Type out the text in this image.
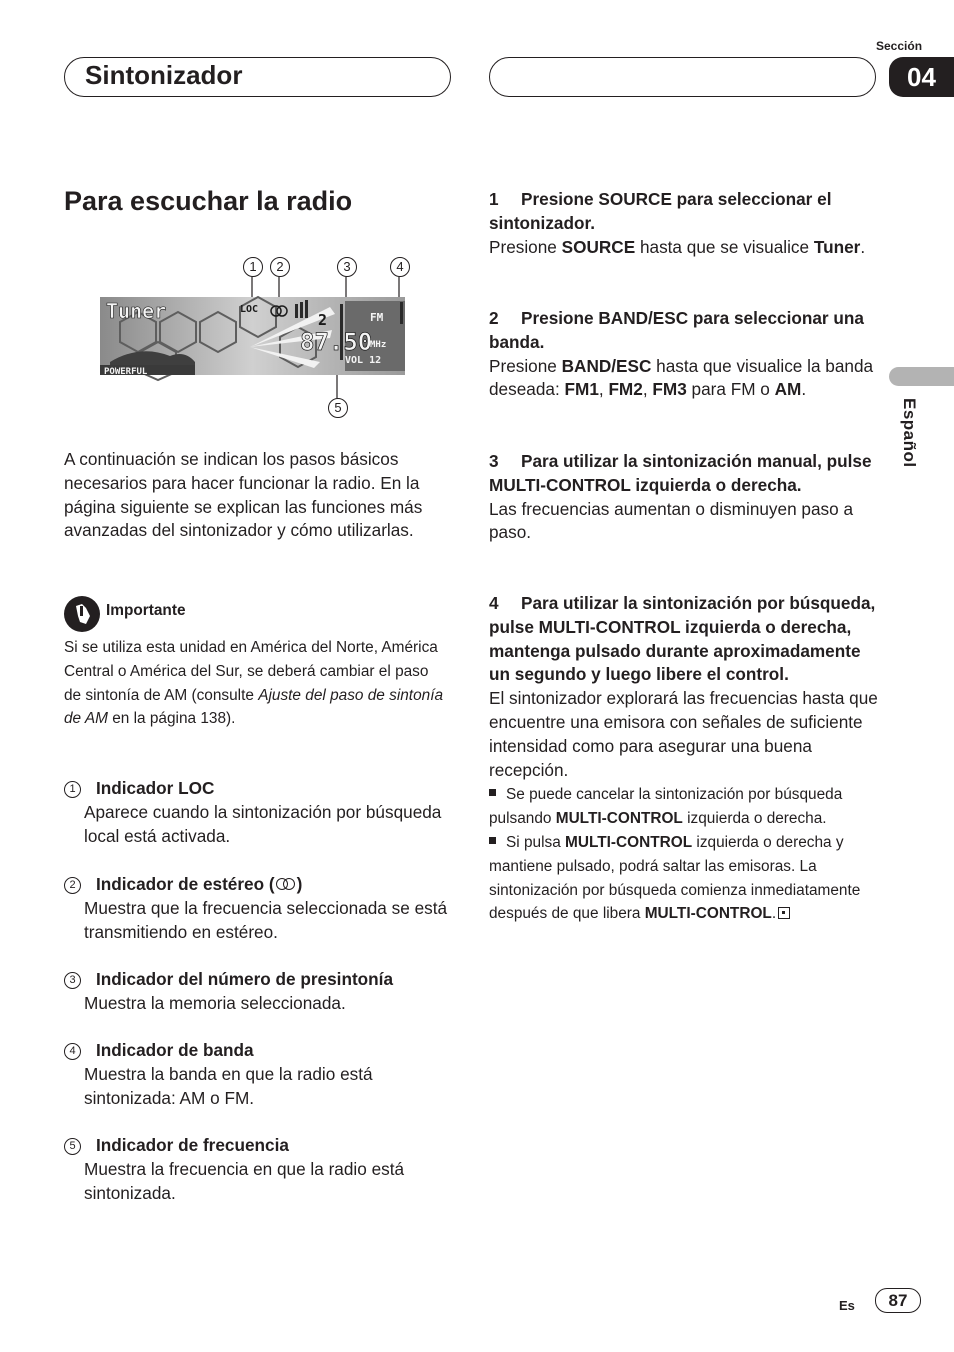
Sintonizador
Sección
04
Español
Para escuchar la radio
1	2	3	4
5
Tuner	LOC
2	FM
87.50
MHz
VOL 12
POWERFUL
A continuación se indican los pasos básicos necesarios para hacer funcionar la radio. En la página siguiente se explican las funciones más avanzadas del sintonizador y cómo utilizarlas.
Importante
Si se utiliza esta unidad en América del Norte, América Central o América del Sur, se deberá cambiar el paso de sintonía de AM (consulte Ajuste del paso de sintonía de AM en la página 138).
1 Indicador LOC
Aparece cuando la sintonización por búsqueda local está activada.
2 Indicador de estéreo ( )
Muestra que la frecuencia seleccionada se está transmitiendo en estéreo.
3 Indicador del número de presintonía
Muestra la memoria seleccionada.
4 Indicador de banda
Muestra la banda en que la radio está sintonizada: AM o FM.
5 Indicador de frecuencia
Muestra la frecuencia en que la radio está sintonizada.
1 Presione SOURCE para seleccionar el sintonizador.
Presione SOURCE hasta que se visualice Tuner.
2 Presione BAND/ESC para seleccionar una banda.
Presione BAND/ESC hasta que visualice la banda deseada: FM1, FM2, FM3 para FM o AM.
3 Para utilizar la sintonización manual, pulse MULTI-CONTROL izquierda o derecha.
Las frecuencias aumentan o disminuyen paso a paso.
4 Para utilizar la sintonización por búsqueda, pulse MULTI-CONTROL izquierda o derecha, mantenga pulsado durante aproximadamente un segundo y luego libere el control.
El sintonizador explorará las frecuencias hasta que encuentre una emisora con señales de suficiente intensidad como para asegurar una buena recepción.
Se puede cancelar la sintonización por búsqueda pulsando MULTI-CONTROL izquierda o derecha.
Si pulsa MULTI-CONTROL izquierda o derecha y mantiene pulsado, podrá saltar las emisoras. La sintonización por búsqueda comienza inmediatamente después de que libera MULTI-CONTROL.
Es	87
